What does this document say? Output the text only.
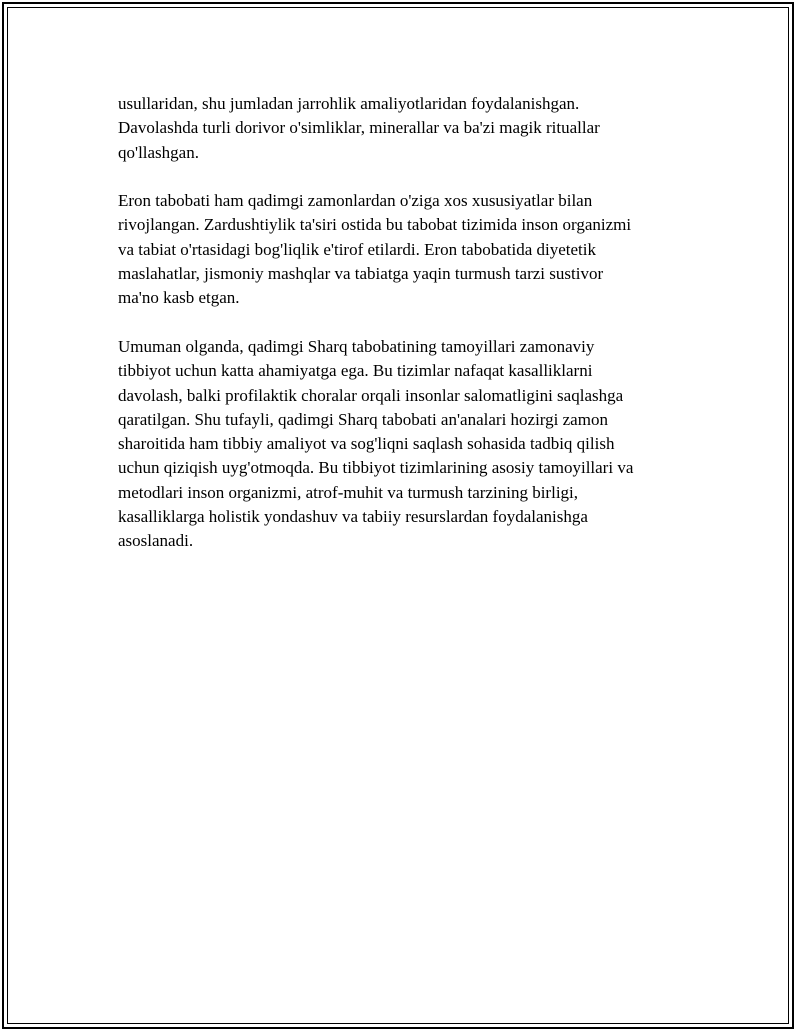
usullaridan, shu jumladan jarrohlik amaliyotlaridan foydalanishgan.
Davolashda turli dorivor o'simliklar, minerallar va ba'zi magik rituallar
qo'llashgan.

Eron tabobati ham qadimgi zamonlardan o'ziga xos xususiyatlar bilan
rivojlangan. Zardushtiylik ta'siri ostida bu tabobat tizimida inson organizmi
va tabiat o'rtasidagi bog'liqlik e'tirof etilardi. Eron tabobatida diyetetik
maslahatlar, jismoniy mashqlar va tabiatga yaqin turmush tarzi sustivor
ma'no kasb etgan.

Umuman olganda, qadimgi Sharq tabobatining tamoyillari zamonaviy
tibbiyot uchun katta ahamiyatga ega. Bu tizimlar nafaqat kasalliklarni
davolash, balki profilaktik choralar orqali insonlar salomatligini saqlashga
qaratilgan. Shu tufayli, qadimgi Sharq tabobati an'analari hozirgi zamon
sharoitida ham tibbiy amaliyot va sog'liqni saqlash sohasida tadbiq qilish
uchun qiziqish uyg'otmoqda. Bu tibbiyot tizimlarining asosiy tamoyillari va
metodlari inson organizmi, atrof-muhit va turmush tarzining birligi,
kasalliklarga holistik yondashuv va tabiiy resurslardan foydalanishga
asoslanadi.
